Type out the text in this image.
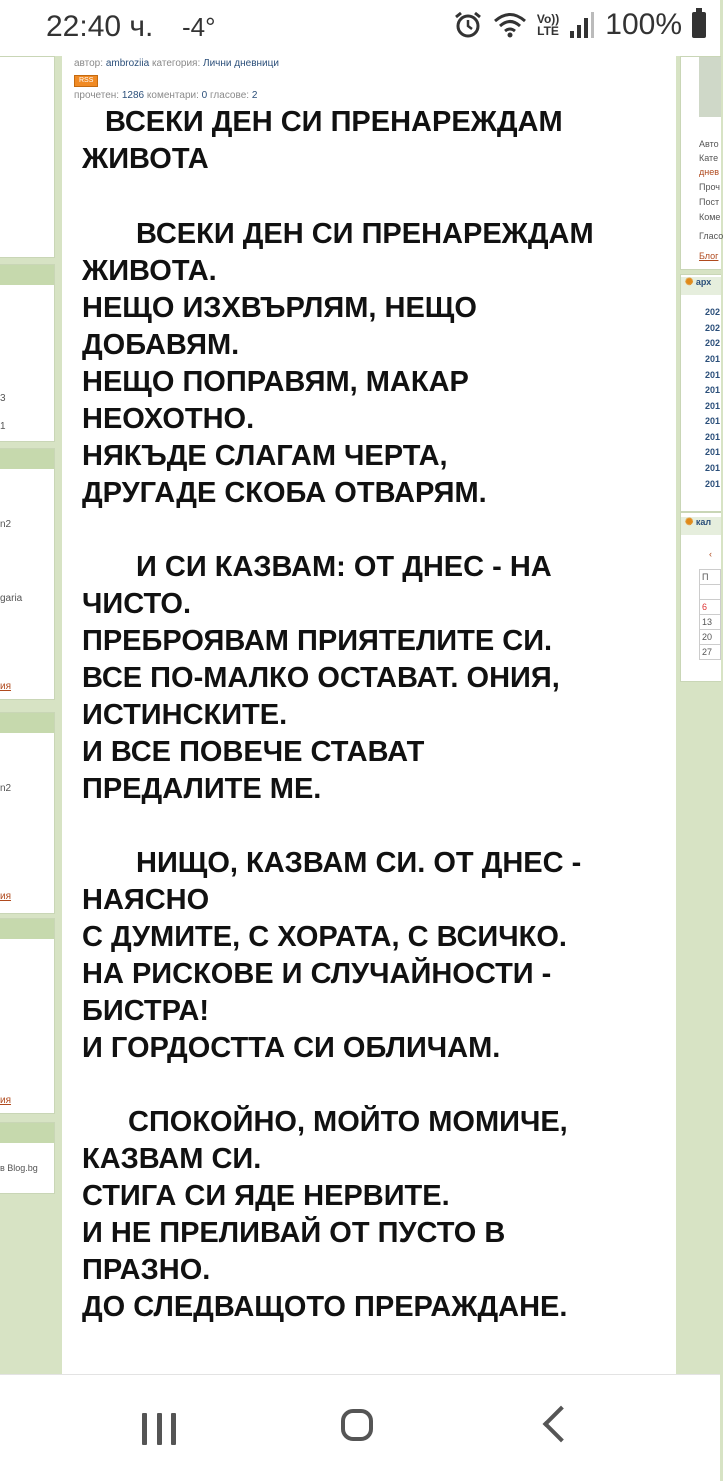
22:40 ч. -4°	Vo))
LTE 100%
3
1
n2
garia
ия
n2
ия
ия
в Blog.bg
автор: ambroziia категория: Лични дневници
RSS
прочетен: 1286 коментари: 0 гласове: 2
ВСЕКИ ДЕН СИ ПРЕНАРЕЖДАМ
ЖИВОТА
ВСЕКИ ДЕН СИ ПРЕНАРЕЖДАМ
ЖИВОТА.
НЕЩО ИЗХВЪРЛЯМ, НЕЩО
ДОБАВЯМ.
НЕЩО ПОПРАВЯМ, МАКАР
НЕОХОТНО.
НЯКЪДЕ СЛАГАМ ЧЕРТА,
ДРУГАДЕ СКОБА ОТВАРЯМ.
И СИ КАЗВАМ: ОТ ДНЕС - НА
ЧИСТО.
ПРЕБРОЯВАМ ПРИЯТЕЛИТЕ СИ.
ВСЕ ПО-МАЛКО ОСТАВАТ. ОНИЯ,
ИСТИНСКИТЕ.
И ВСЕ ПОВЕЧЕ СТАВАТ
ПРЕДАЛИТЕ МЕ.
НИЩО, КАЗВАМ СИ. ОТ ДНЕС -
НАЯСНО
С ДУМИТЕ, С ХОРАТА, С ВСИЧКО.
НА РИСКОВЕ И СЛУЧАЙНОСТИ -
БИСТРА!
И ГОРДОСТТА СИ ОБЛИЧАМ.
СПОКОЙНО, МОЙТО МОМИЧЕ,
КАЗВАМ СИ.
СТИГА СИ ЯДЕ НЕРВИТЕ.
И НЕ ПРЕЛИВАЙ ОТ ПУСТО В
ПРАЗНО.
ДО СЛЕДВАЩОТО ПРЕРАЖДАНЕ.
Авто
Кате
днев
Проч
Пост
Коме
Гласо
Блог
✺ арх
202
202
202
201
201
201
201
201
201
201
201
201
✺ кал
‹
П

6
13
20
27
